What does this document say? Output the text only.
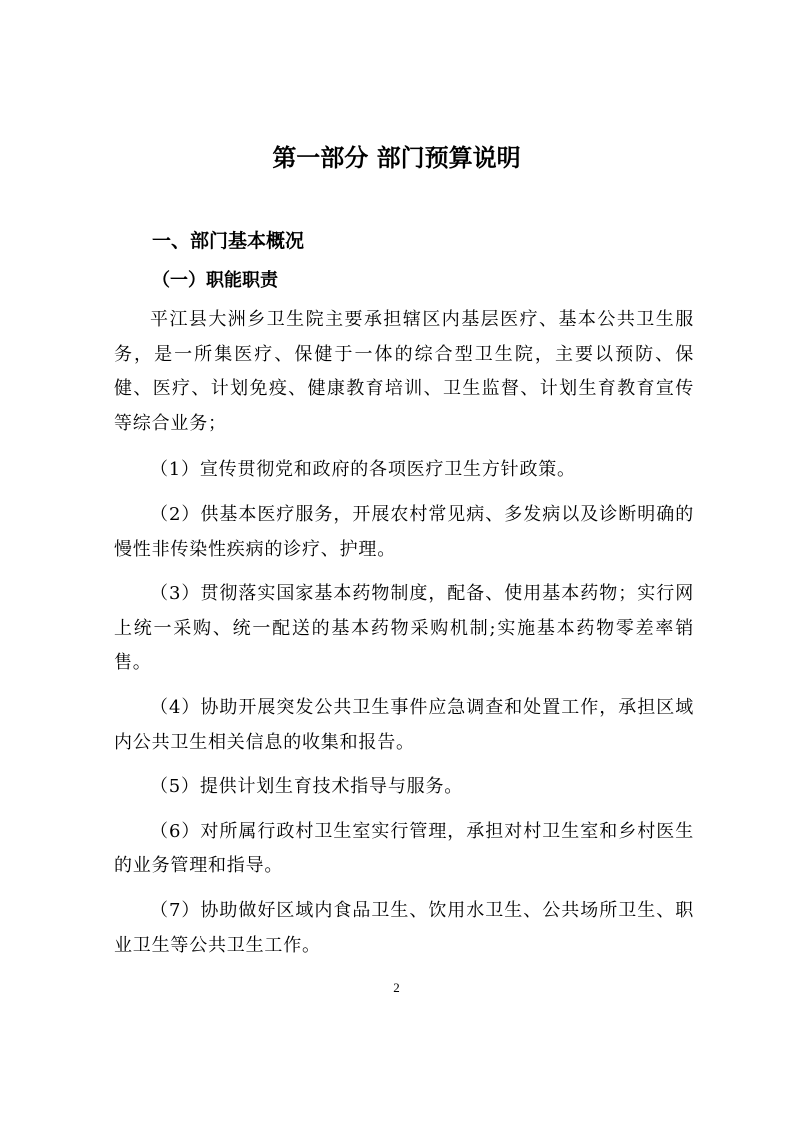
第一部分 部门预算说明
一、部门基本概况
（一）职能职责
平江县大洲乡卫生院主要承担辖区内基层医疗、基本公共卫生服务，是一所集医疗、保健于一体的综合型卫生院，主要以预防、保健、医疗、计划免疫、健康教育培训、卫生监督、计划生育教育宣传等综合业务；
（1）宣传贯彻党和政府的各项医疗卫生方针政策。
（2）供基本医疗服务，开展农村常见病、多发病以及诊断明确的慢性非传染性疾病的诊疗、护理。
（3）贯彻落实国家基本药物制度，配备、使用基本药物；实行网上统一采购、统一配送的基本药物采购机制;实施基本药物零差率销售。
（4）协助开展突发公共卫生事件应急调查和处置工作，承担区域内公共卫生相关信息的收集和报告。
（5）提供计划生育技术指导与服务。
（6）对所属行政村卫生室实行管理，承担对村卫生室和乡村医生的业务管理和指导。
（7）协助做好区域内食品卫生、饮用水卫生、公共场所卫生、职业卫生等公共卫生工作。
2
